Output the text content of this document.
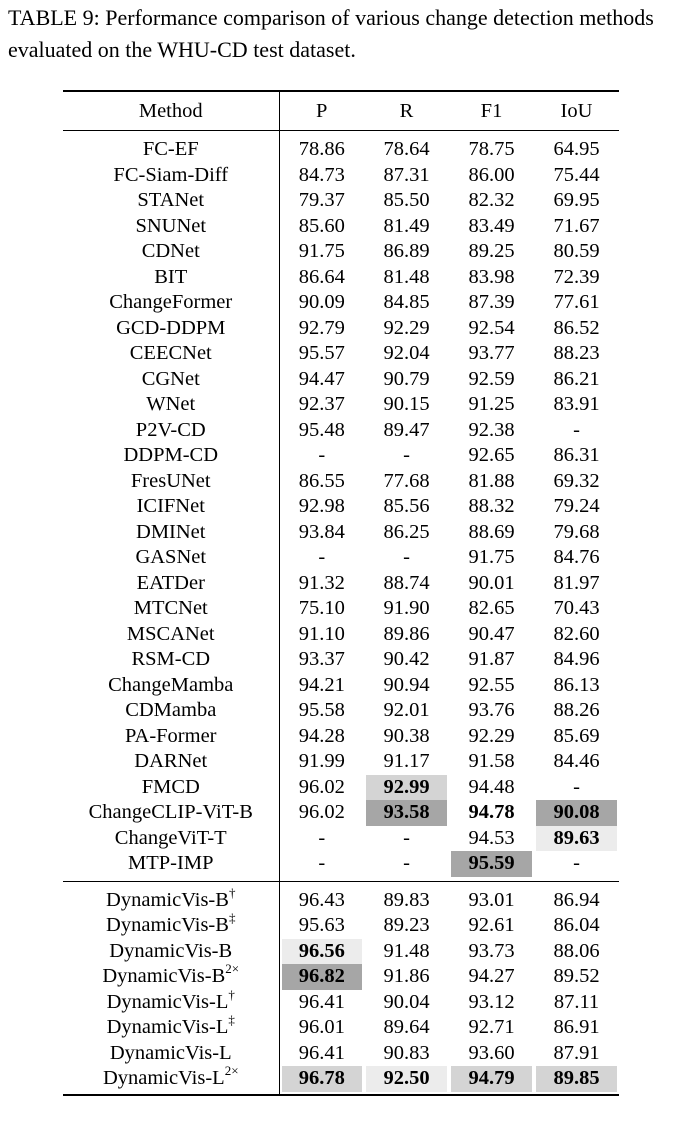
TABLE 9: Performance comparison of various change detection methods evaluated on the WHU-CD test dataset.
Method	P	R	F1	IoU
FC-EF	78.86	78.64	78.75	64.95

FC-Siam-Diff	84.73	87.31	86.00	75.44

STANet	79.37	85.50	82.32	69.95

SNUNet	85.60	81.49	83.49	71.67

CDNet	91.75	86.89	89.25	80.59

BIT	86.64	81.48	83.98	72.39

ChangeFormer	90.09	84.85	87.39	77.61

GCD-DDPM	92.79	92.29	92.54	86.52

CEECNet	95.57	92.04	93.77	88.23

CGNet	94.47	90.79	92.59	86.21

WNet	92.37	90.15	91.25	83.91

P2V-CD	95.48	89.47	92.38	-

DDPM-CD	-	-	92.65	86.31

FresUNet	86.55	77.68	81.88	69.32

ICIFNet	92.98	85.56	88.32	79.24

DMINet	93.84	86.25	88.69	79.68

GASNet	-	-	91.75	84.76

EATDer	91.32	88.74	90.01	81.97

MTCNet	75.10	91.90	82.65	70.43

MSCANet	91.10	89.86	90.47	82.60

RSM-CD	93.37	90.42	91.87	84.96

ChangeMamba	94.21	90.94	92.55	86.13

CDMamba	95.58	92.01	93.76	88.26

PA-Former	94.28	90.38	92.29	85.69

DARNet	91.99	91.17	91.58	84.46

FMCD	96.02	92.99	94.48	-

ChangeCLIP-ViT-B	96.02	93.58	94.78	90.08

ChangeViT-T	-	-	94.53	89.63

MTP-IMP	-	-	95.59	-

DynamicVis-B†	96.43	89.83	93.01	86.94

DynamicVis-B‡	95.63	89.23	92.61	86.04

DynamicVis-B	96.56	91.48	93.73	88.06

DynamicVis-$B^{2\times}$	96.82	91.86	94.27	89.52

DynamicVis-L†	96.41	90.04	93.12	87.11

DynamicVis-L‡	96.01	89.64	92.71	86.91

DynamicVis-L	96.41	90.83	93.60	87.91

DynamicVis-$L^{2\times}$	96.78	92.50	94.79	89.85
